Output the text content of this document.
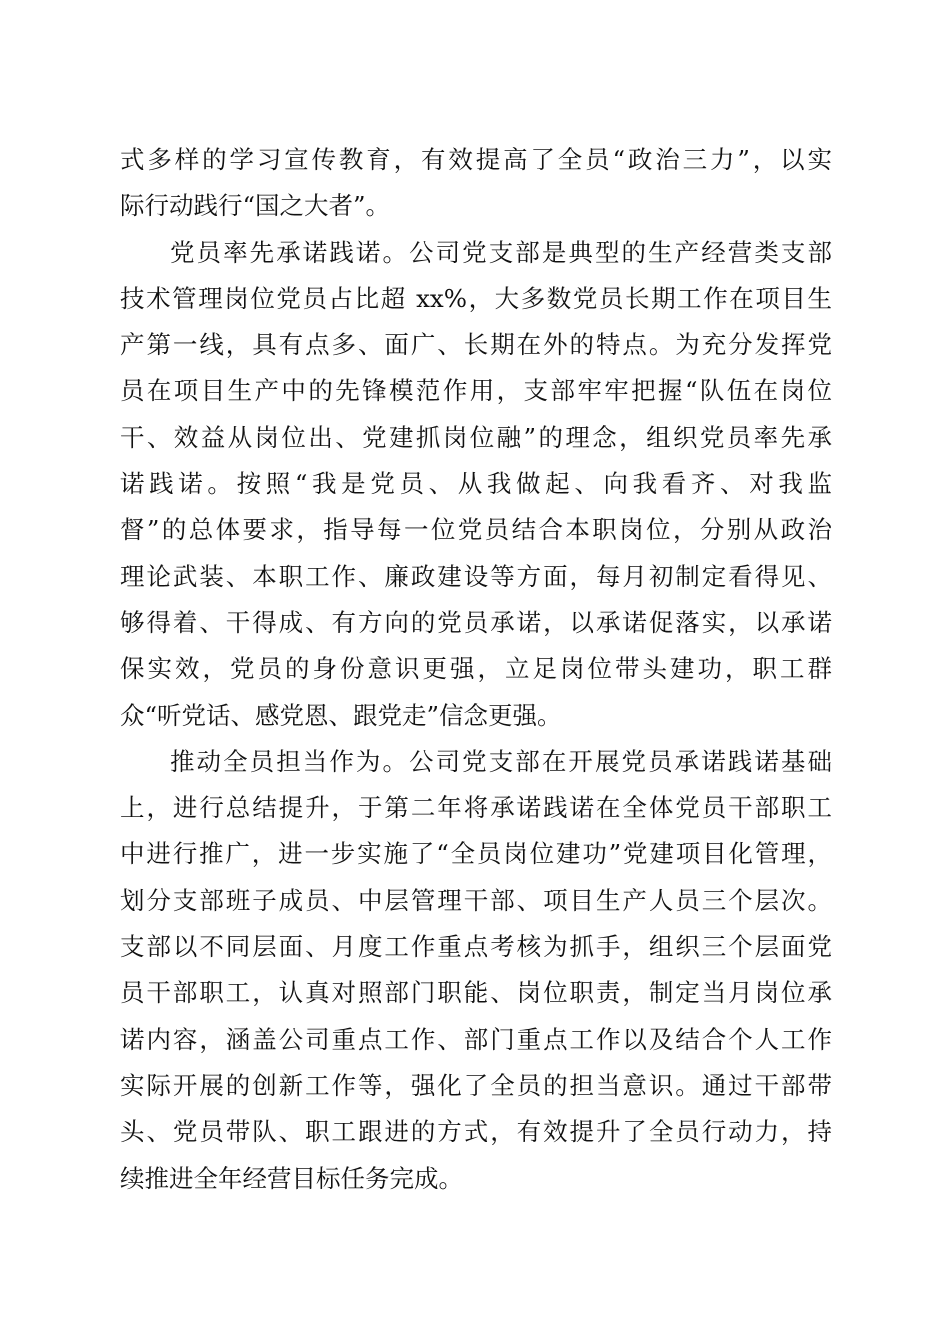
式多样的学习宣传教育，有效提高了全员“政治三力”，以实
际行动践行“国之大者”。
党员率先承诺践诺。公司党支部是典型的生产经营类支部
技术管理岗位党员占比超 xx%，大多数党员长期工作在项目生
产第一线，具有点多、面广、长期在外的特点。为充分发挥党
员在项目生产中的先锋模范作用，支部牢牢把握“队伍在岗位
干、效益从岗位出、党建抓岗位融”的理念，组织党员率先承
诺践诺。按照“我是党员、从我做起、向我看齐、对我监
督”的总体要求，指导每一位党员结合本职岗位，分别从政治
理论武装、本职工作、廉政建设等方面，每月初制定看得见、
够得着、干得成、有方向的党员承诺，以承诺促落实，以承诺
保实效，党员的身份意识更强，立足岗位带头建功，职工群
众“听党话、感党恩、跟党走”信念更强。
推动全员担当作为。公司党支部在开展党员承诺践诺基础
上，进行总结提升，于第二年将承诺践诺在全体党员干部职工
中进行推广，进一步实施了“全员岗位建功”党建项目化管理，
划分支部班子成员、中层管理干部、项目生产人员三个层次。
支部以不同层面、月度工作重点考核为抓手，组织三个层面党
员干部职工，认真对照部门职能、岗位职责，制定当月岗位承
诺内容，涵盖公司重点工作、部门重点工作以及结合个人工作
实际开展的创新工作等，强化了全员的担当意识。通过干部带
头、党员带队、职工跟进的方式，有效提升了全员行动力，持
续推进全年经营目标任务完成。
